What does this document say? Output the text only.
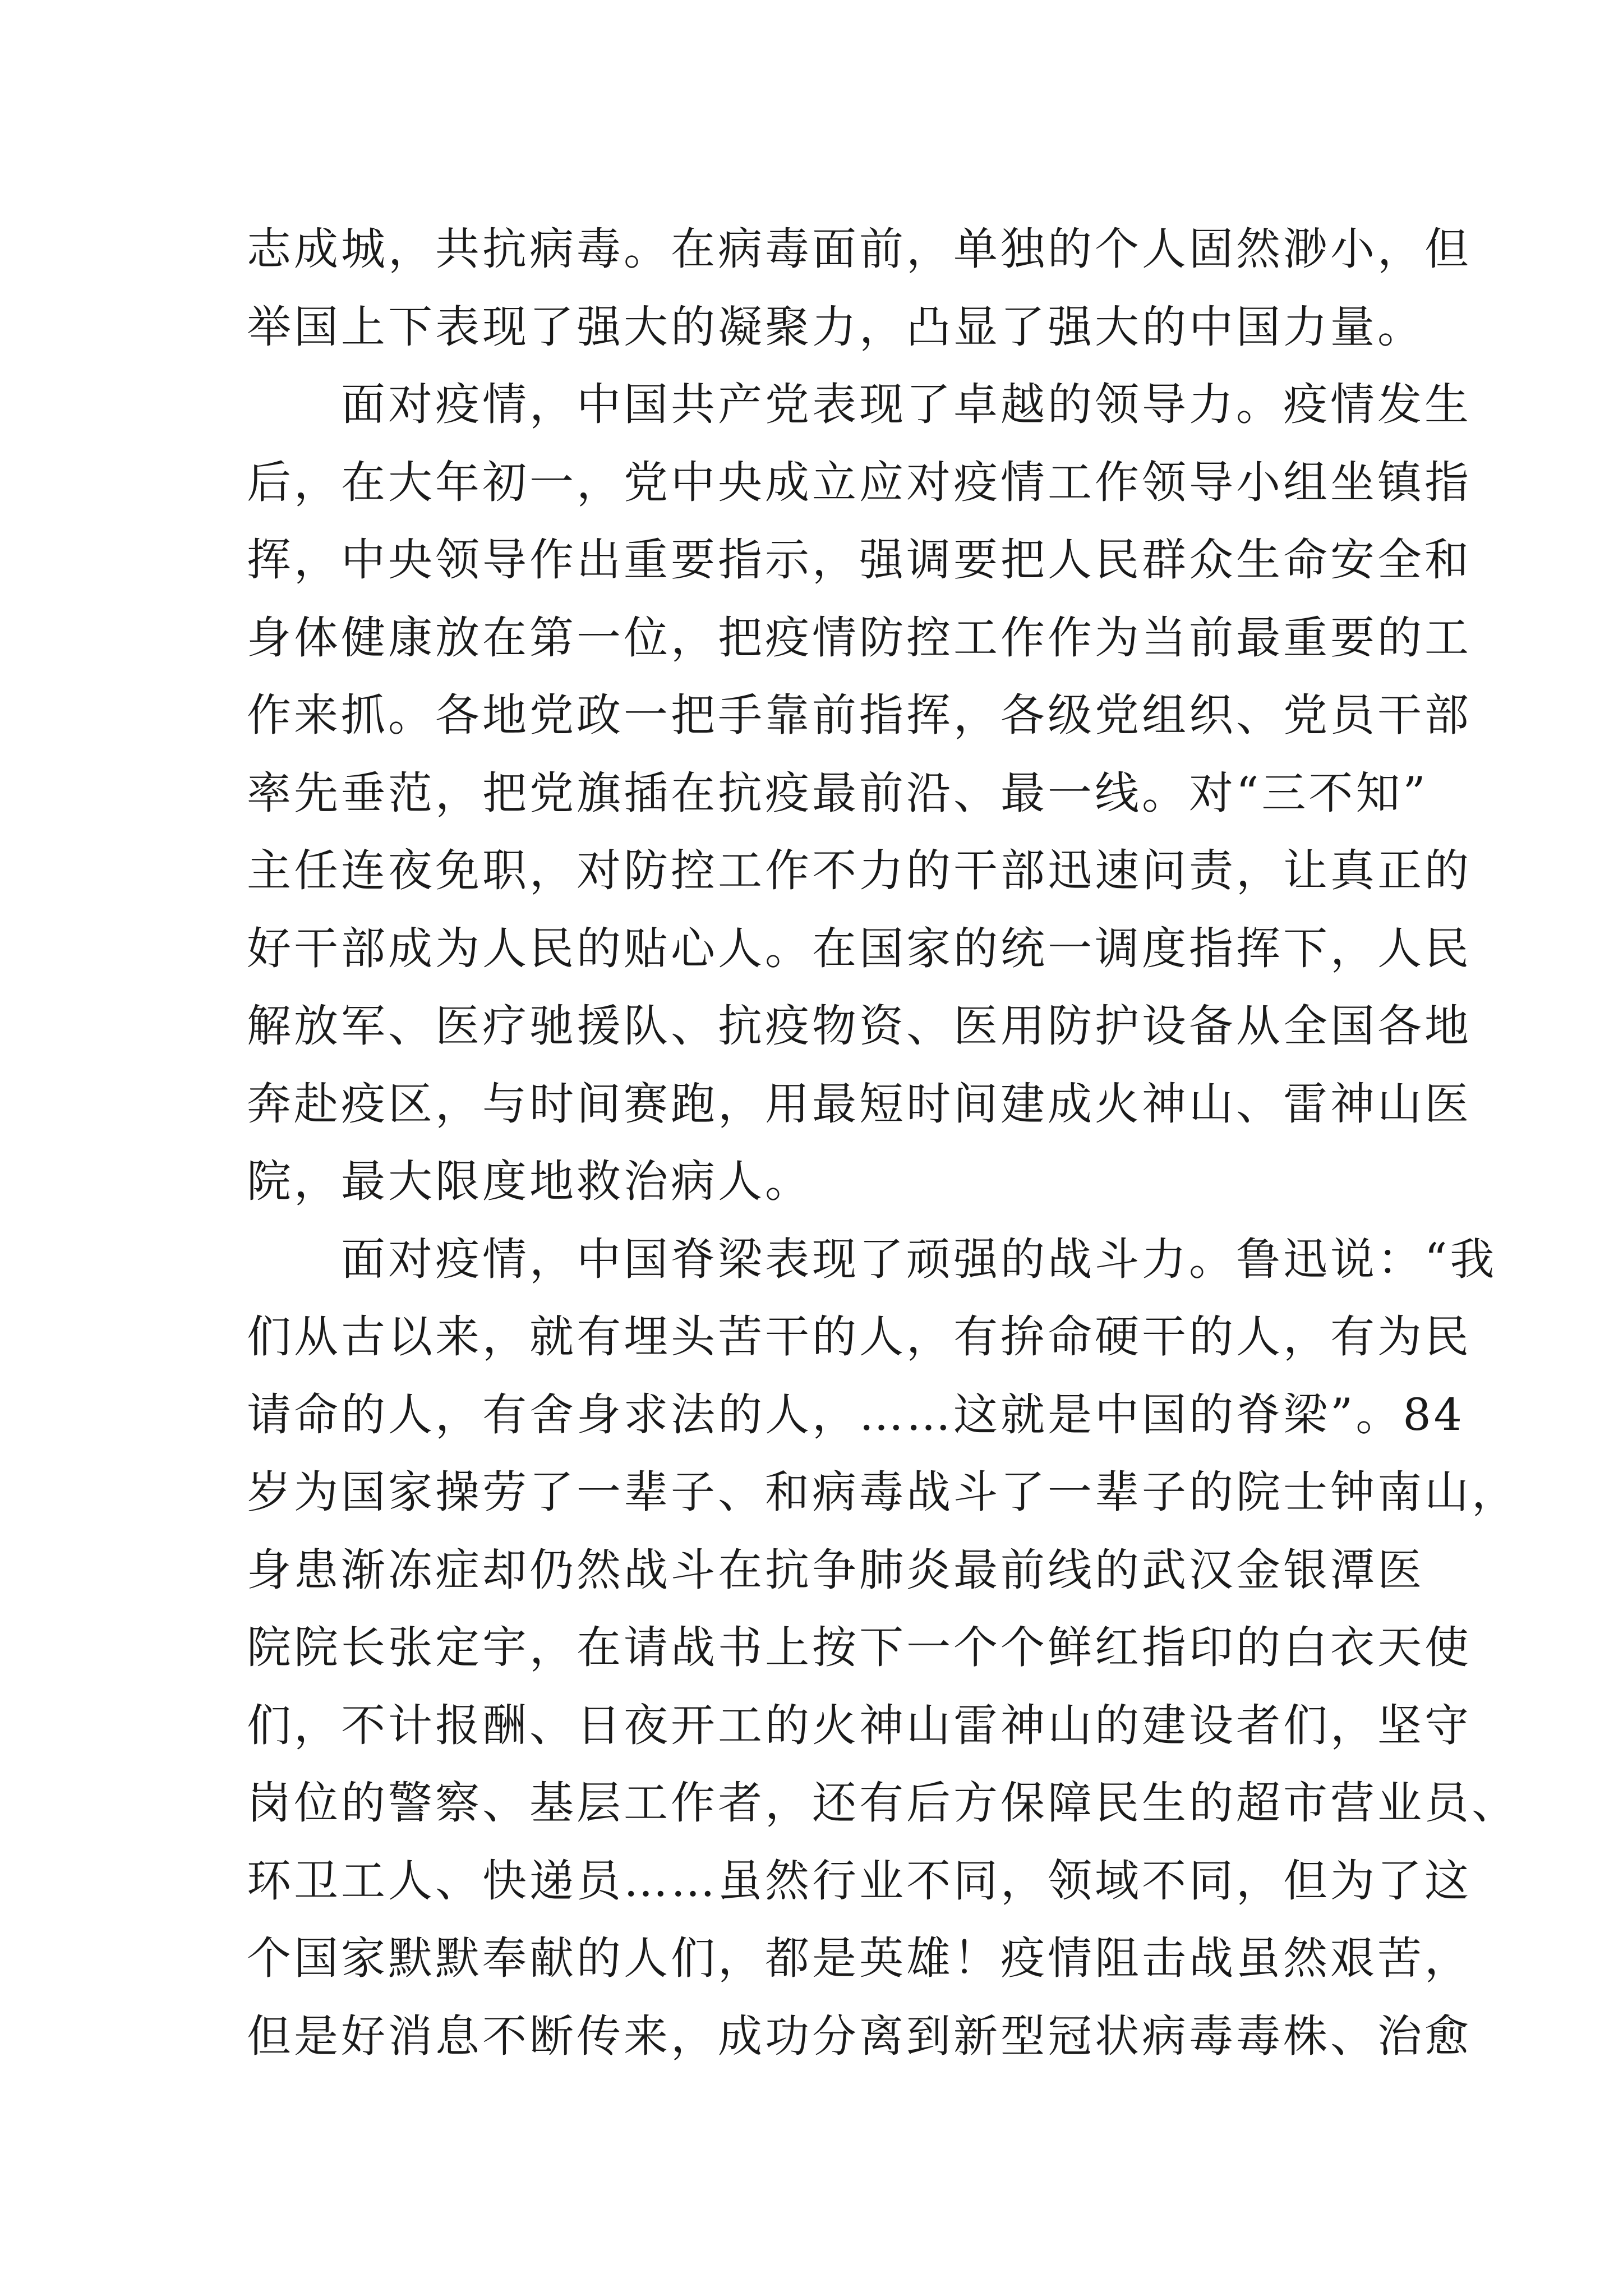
志成城，共抗病毒。在病毒面前，单独的个人固然渺小，但
举国上下表现了强大的凝聚力，凸显了强大的中国力量。
面对疫情，中国共产党表现了卓越的领导力。疫情发生
后，在大年初一，党中央成立应对疫情工作领导小组坐镇指
挥，中央领导作出重要指示，强调要把人民群众生命安全和
身体健康放在第一位，把疫情防控工作作为当前最重要的工
作来抓。各地党政一把手靠前指挥，各级党组织、党员干部
率先垂范，把党旗插在抗疫最前沿、最一线。对“三不知”
主任连夜免职，对防控工作不力的干部迅速问责，让真正的
好干部成为人民的贴心人。在国家的统一调度指挥下，人民
解放军、医疗驰援队、抗疫物资、医用防护设备从全国各地
奔赴疫区，与时间赛跑，用最短时间建成火神山、雷神山医
院，最大限度地救治病人。
面对疫情，中国脊梁表现了顽强的战斗力。鲁迅说：“我
们从古以来，就有埋头苦干的人，有拚命硬干的人，有为民
请命的人，有舍身求法的人，……这就是中国的脊梁”。84
岁为国家操劳了一辈子、和病毒战斗了一辈子的院士钟南山，
身患渐冻症却仍然战斗在抗争肺炎最前线的武汉金银潭医
院院长张定宇，在请战书上按下一个个鲜红指印的白衣天使
们，不计报酬、日夜开工的火神山雷神山的建设者们，坚守
岗位的警察、基层工作者，还有后方保障民生的超市营业员、
环卫工人、快递员……虽然行业不同，领域不同，但为了这
个国家默默奉献的人们，都是英雄！疫情阻击战虽然艰苦，
但是好消息不断传来，成功分离到新型冠状病毒毒株、治愈
